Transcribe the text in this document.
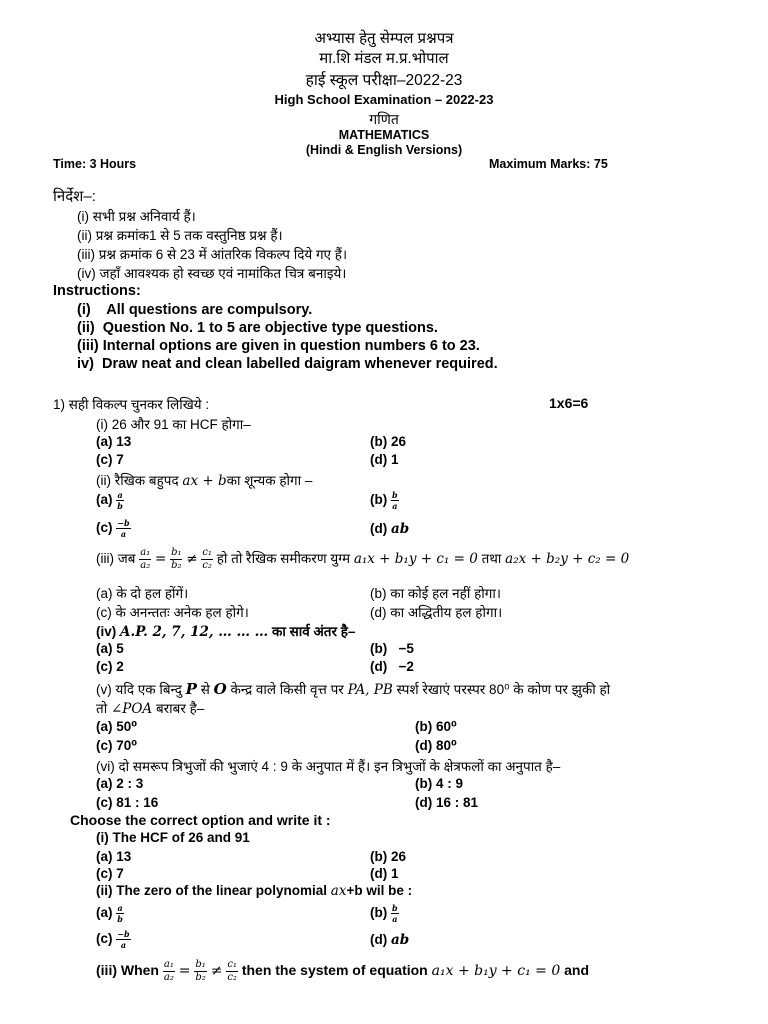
अभ्यास हेतु सेम्पल प्रश्नपत्र
मा.शि मंडल म.प्र.भोपाल
हाई स्कूल परीक्षा–2022-23
High School Examination – 2022-23
गणित
MATHEMATICS
(Hindi & English Versions)
Time: 3 Hours	Maximum Marks: 75
निर्देश–:
(i) सभी प्रश्न अनिवार्य हैं।
(ii) प्रश्न क्रमांक1 से 5 तक वस्तुनिष्ठ प्रश्न हैं।
(iii) प्रश्न क्रमांक 6 से 23 में आंतरिक विकल्प दिये गए हैं।
(iv) जहाँ आवश्यक हो स्वच्छ एवं नामांकित चित्र बनाइये।
Instructions:
(i)    All questions are compulsory.
(ii)  Question No. 1 to 5 are objective type questions.
(iii) Internal options are given in question numbers 6 to 23.
iv)  Draw neat and clean labelled daigram whenever required.
1) सही विकल्प चुनकर लिखिये :	1x6=6
(i) 26 और 91 का HCF होगा–
(a) 13	(b) 26
(c) 7	(d) 1
(ii) रैखिक बहुपद ax + bका शून्यक होगा –
$(a) \frac{a}{b}$	$(b) \frac{b}{a}$
$(c) \frac{-b}{a}$	(d) ab
(iii) जब $\frac{\text{a₁}}{\text{a₂}} = \frac{\text{b₁}}{\text{b₂}} \ne \frac{\text{c₁}}{\text{c₂}}$ हो तो रैखिक समीकरण युग्म a₁x + b₁y + c₁ = 0 तथा a₂x + b₂y + c₂ = 0
(a) के दो हल होंगें।	(b) का कोई हल नहीं होगा।
(c) के अनन्ततः अनेक हल होगे।	(d) का अद्धितीय हल होगा।
(iv) A.P. 2, 7, 12, … … … का सार्व अंतर है–
(a) 5	(b)   −5
(c) 2	(d)   −2
(v) यदि एक बिन्दु P से O केन्द्र वाले किसी वृत्त पर PA, PB स्पर्श रेखाएं परस्पर 80⁰ के कोण पर झुकी हो
तो ∠POA बराबर है–
(a) 50⁰	(b) 60⁰
(c) 70⁰	(d) 80⁰
(vi) दो समरूप त्रिभुजों की भुजाएं 4 : 9 के अनुपात में हैं। इन त्रिभुजों के क्षेत्रफलों का अनुपात है–
(a) 2 : 3	(b) 4 : 9
(c) 81 : 16	(d) 16 : 81
Choose the correct option and write it :
(i) The HCF of 26 and 91
(a) 13	(b) 26
(c) 7	(d) 1
(ii) The zero of the linear polynomial ax+b wil be :
$(a) \frac{a}{b}$	$(b) \frac{b}{a}$
$(c) \frac{-b}{a}$	(d) ab
(iii) When $\frac{\text{a₁}}{\text{a₂}} = \frac{\text{b₁}}{\text{b₂}} \ne \frac{\text{c₁}}{\text{c₂}}$ then the system of equation a₁x + b₁y + c₁ = 0 and
